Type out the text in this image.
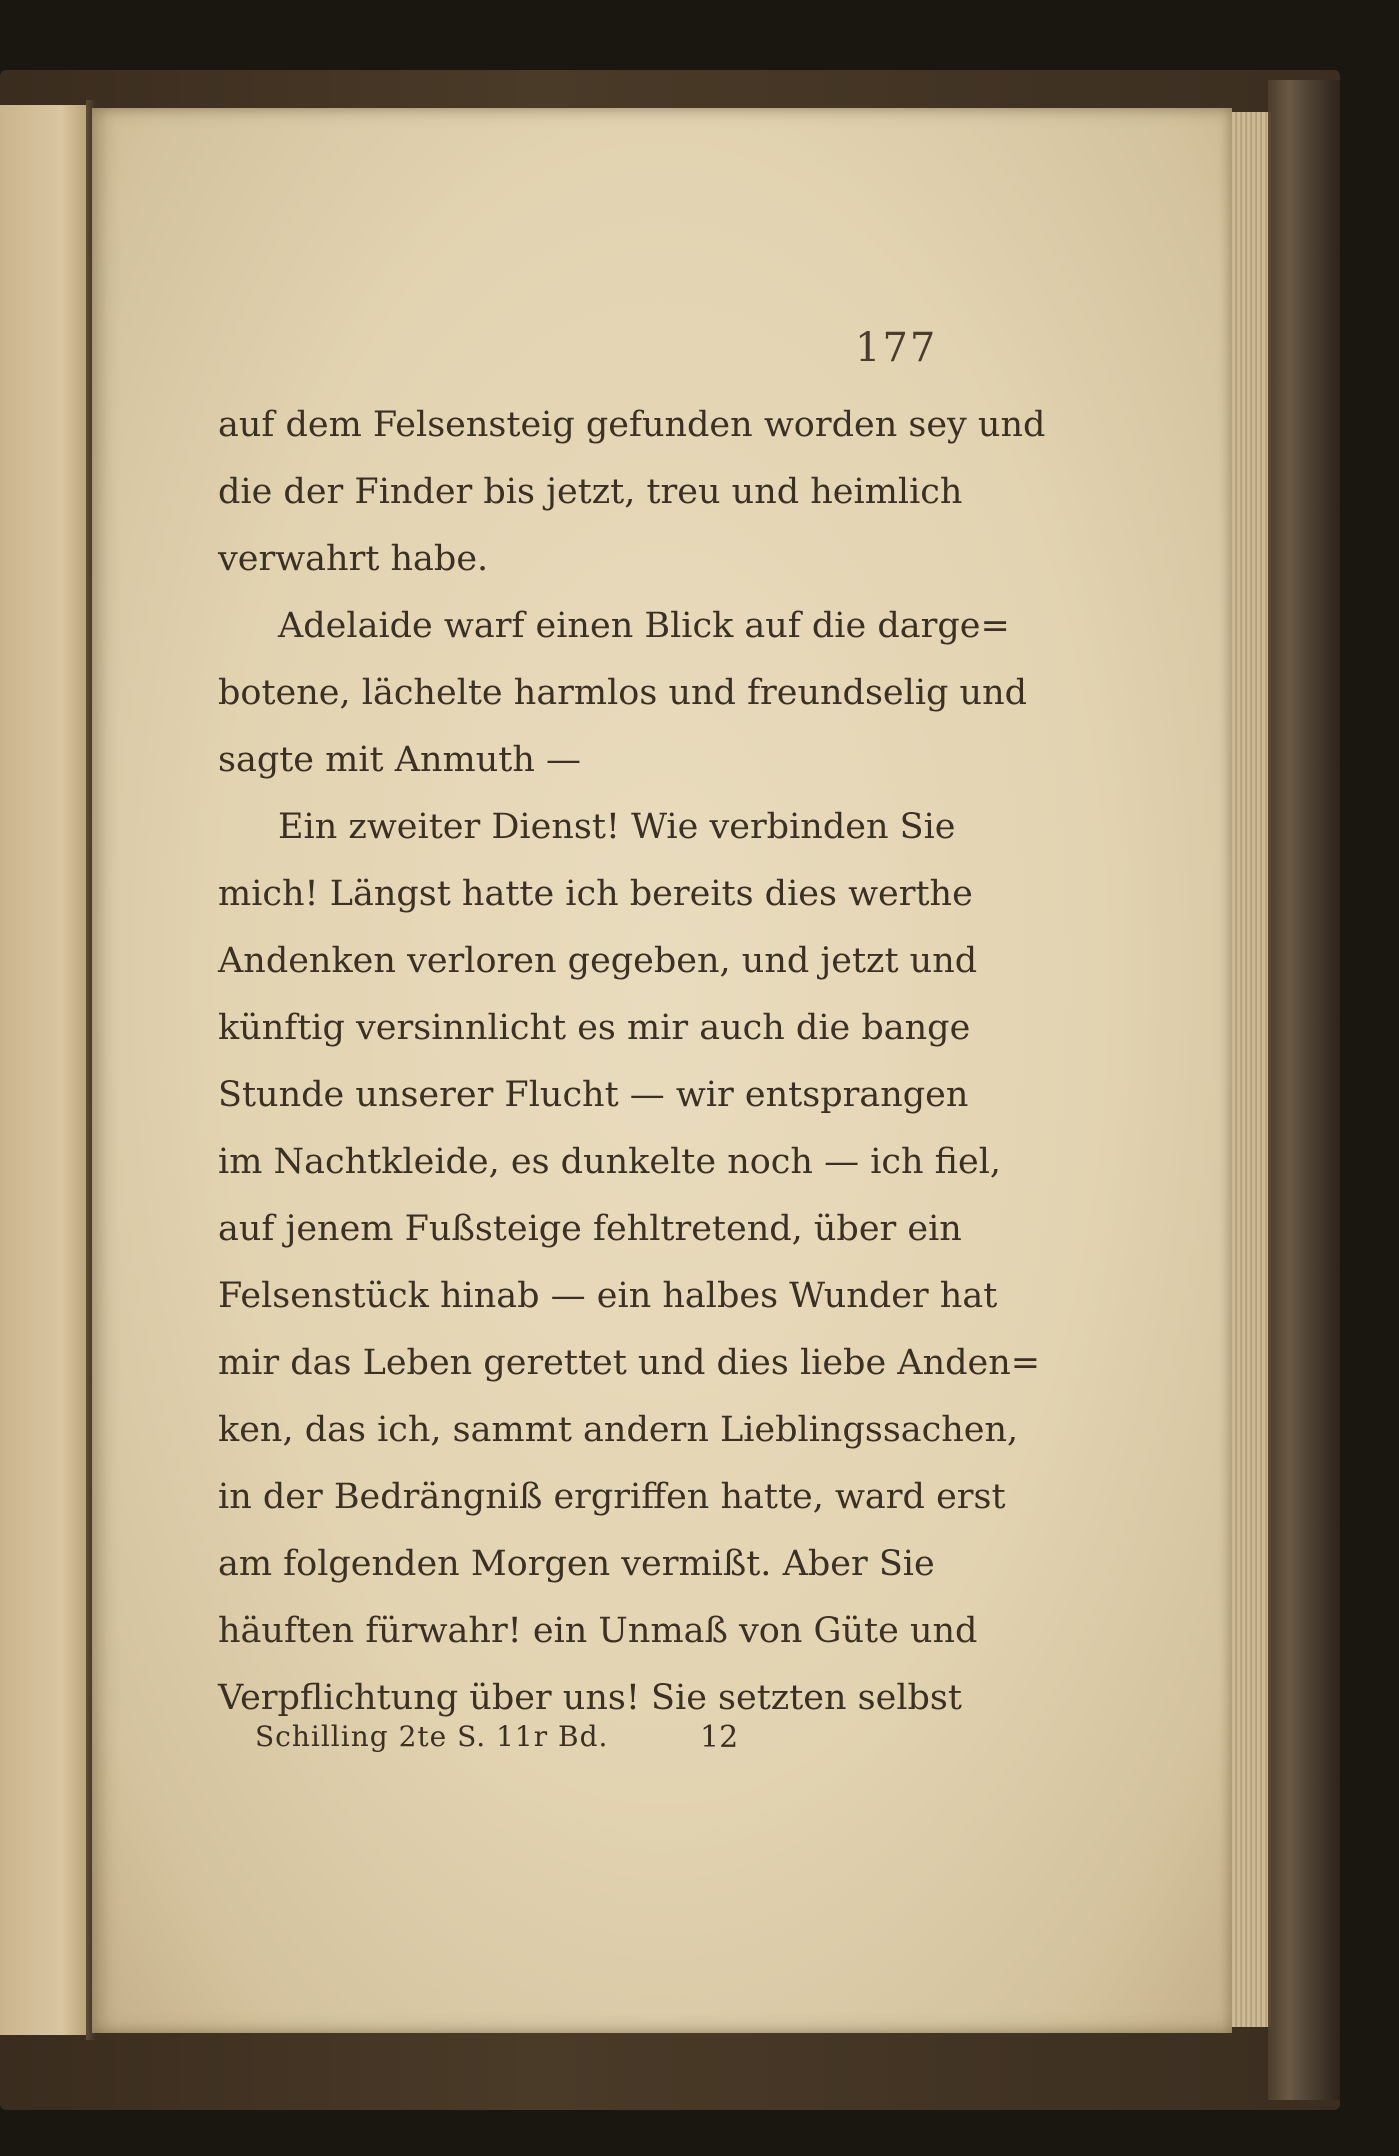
177
auf dem Felsensteig gefunden worden sey und
die der Finder bis jetzt, treu und heimlich
verwahrt habe.
Adelaide warf einen Blick auf die darge=
botene, lächelte harmlos und freundselig und
sagte mit Anmuth —
Ein zweiter Dienst! Wie verbinden Sie
mich! Längst hatte ich bereits dies werthe
Andenken verloren gegeben, und jetzt und
künftig versinnlicht es mir auch die bange
Stunde unserer Flucht — wir entsprangen
im Nachtkleide, es dunkelte noch — ich fiel,
auf jenem Fußsteige fehltretend, über ein
Felsenstück hinab — ein halbes Wunder hat
mir das Leben gerettet und dies liebe Anden=
ken, das ich, sammt andern Lieblingssachen,
in der Bedrängniß ergriffen hatte, ward erst
am folgenden Morgen vermißt. Aber Sie
häuften fürwahr! ein Unmaß von Güte und
Verpflichtung über uns! Sie setzten selbst
Schilling 2te S. 11r Bd.	12
